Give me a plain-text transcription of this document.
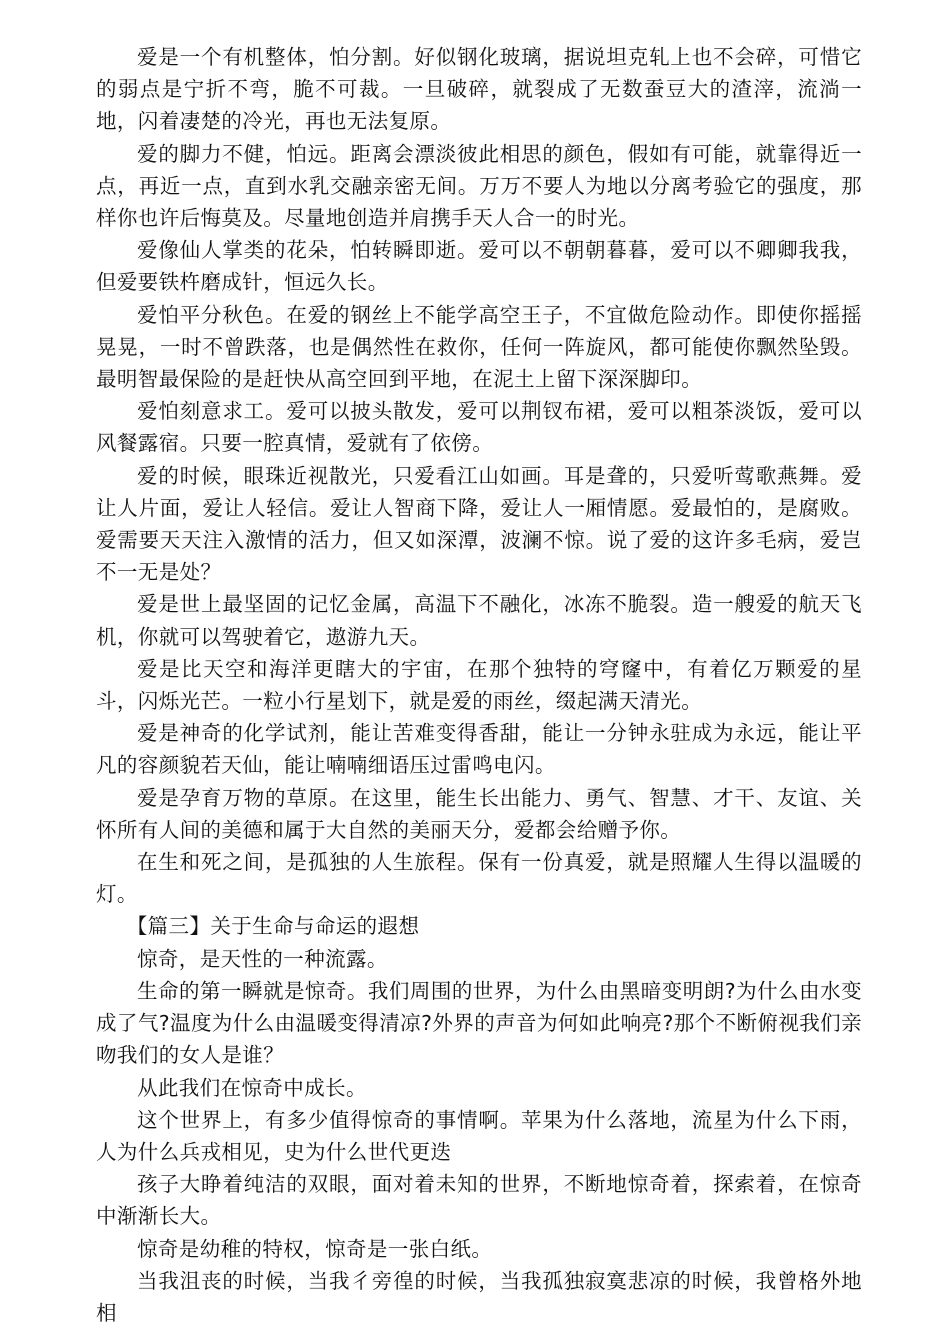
爱是一个有机整体，怕分割。好似钢化玻璃，据说坦克轧上也不会碎，可惜它的弱点是宁折不弯，脆不可裁。一旦破碎，就裂成了无数蚕豆大的渣滓，流淌一地，闪着凄楚的冷光，再也无法复原。

爱的脚力不健，怕远。距离会漂淡彼此相思的颜色，假如有可能，就靠得近一点，再近一点，直到水乳交融亲密无间。万万不要人为地以分离考验它的强度，那样你也许后悔莫及。尽量地创造并肩携手天人合一的时光。

爱像仙人掌类的花朵，怕转瞬即逝。爱可以不朝朝暮暮，爱可以不卿卿我我，但爱要铁杵磨成针，恒远久长。

爱怕平分秋色。在爱的钢丝上不能学高空王子，不宜做危险动作。即使你摇摇晃晃，一时不曾跌落，也是偶然性在救你，任何一阵旋风，都可能使你飘然坠毁。最明智最保险的是赶快从高空回到平地，在泥土上留下深深脚印。

爱怕刻意求工。爱可以披头散发，爱可以荆钗布裙，爱可以粗茶淡饭，爱可以风餐露宿。只要一腔真情，爱就有了依傍。

爱的时候，眼珠近视散光，只爱看江山如画。耳是聋的，只爱听莺歌燕舞。爱让人片面，爱让人轻信。爱让人智商下降，爱让人一厢情愿。爱最怕的，是腐败。爱需要天天注入激情的活力，但又如深潭，波澜不惊。说了爱的这许多毛病，爱岂不一无是处？

爱是世上最坚固的记忆金属，高温下不融化，冰冻不脆裂。造一艘爱的航天飞机，你就可以驾驶着它，遨游九天。

爱是比天空和海洋更瞎大的宇宙，在那个独特的穹窿中，有着亿万颗爱的星斗，闪烁光芒。一粒小行星划下，就是爱的雨丝，缀起满天清光。

爱是神奇的化学试剂，能让苦难变得香甜，能让一分钟永驻成为永远，能让平凡的容颜貌若天仙，能让喃喃细语压过雷鸣电闪。

爱是孕育万物的草原。在这里，能生长出能力、勇气、智慧、才干、友谊、关怀所有人间的美德和属于大自然的美丽天分，爱都会给赠予你。

在生和死之间，是孤独的人生旅程。保有一份真爱，就是照耀人生得以温暖的灯。

【篇三】关于生命与命运的遐想

惊奇，是天性的一种流露。

生命的第一瞬就是惊奇。我们周围的世界，为什么由黑暗变明朗?为什么由水变成了气?温度为什么由温暖变得清凉?外界的声音为何如此响亮?那个不断俯视我们亲吻我们的女人是谁？

从此我们在惊奇中成长。

这个世界上，有多少值得惊奇的事情啊。苹果为什么落地，流星为什么下雨，人为什么兵戎相见，史为什么世代更迭

孩子大睁着纯洁的双眼，面对着未知的世界，不断地惊奇着，探索着，在惊奇中渐渐长大。

惊奇是幼稚的特权，惊奇是一张白纸。

当我沮丧的时候，当我彳旁徨的时候，当我孤独寂寞悲凉的时候，我曾格外地相
